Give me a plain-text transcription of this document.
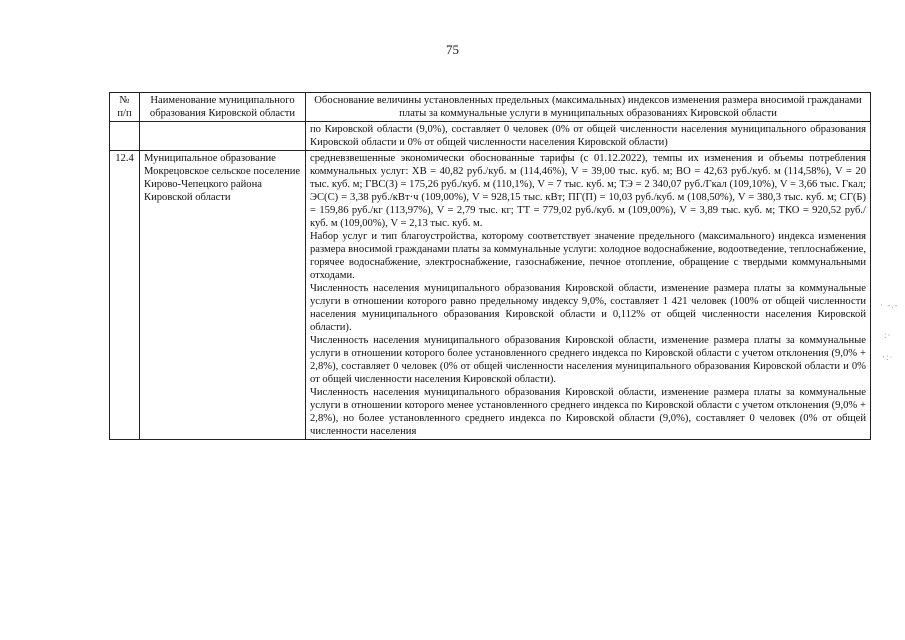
75
№ п/п	Наименование муниципального образования Кировской области	Обоснование величины установленных предельных (максимальных) индексов изменения размера вносимой гражданами платы за коммунальные услуги в муниципальных образованиях Кировской области

		по Кировской области (9,0%), составляет 0 человек (0% от общей численности населения муниципального образования Кировской области и 0% от общей численности населения Кировской области)

12.4	Муниципальное образование Мокрецовское сельское поселение Кирово-Чепецкого района Кировской области	средневзвешенные экономически обоснованные тарифы (с 01.12.2022), темпы их изменения и объемы потребления коммунальных услуг: ХВ = 40,82 руб./куб. м (114,46%), V = 39,00 тыс. куб. м; ВО = 42,63 руб./куб. м (114,58%), V = 20 тыс. куб. м; ГВС(З) = 175,26 руб./куб. м (110,1%), V = 7 тыс. куб. м; ТЭ = 2 340,07 руб./Гкал (109,10%), V = 3,66 тыс. Гкал; ЭС(С) = 3,38 руб./кВт·ч (109,00%), V = 928,15 тыс. кВт; ПГ(П) = 10,03 руб./куб. м (108,50%), V = 380,3 тыс. куб. м; СГ(Б) = 159,86 руб./кг (113,97%), V = 2,79 тыс. кг; ТТ = 779,02 руб./куб. м (109,00%), V = 3,89 тыс. куб. м; ТКО = 920,52 руб./куб. м (109,00%), V = 2,13 тыс. куб. м.

Набор услуг и тип благоустройства, которому соответствует значение предельного (максимального) индекса изменения размера вносимой гражданами платы за коммунальные услуги: холодное водоснабжение, водоотведение, теплоснабжение, горячее водоснабжение, электроснабжение, газоснабжение, печное отопление, обращение с твердыми коммунальными отходами.

Численность населения муниципального образования Кировской области, изменение размера платы за коммунальные услуги в отношении которого равно предельному индексу 9,0%, составляет 1 421 человек (100% от общей численности населения муниципального образования Кировской области и 0,112% от общей численности населения Кировской области).

Численность населения муниципального образования Кировской области, изменение размера платы за коммунальные услуги в отношении которого более установленного среднего индекса по Кировской области с учетом отклонения (9,0% + 2,8%), составляет 0 человек (0% от общей численности населения муниципального образования Кировской области и 0% от общей численности населения Кировской области).

Численность населения муниципального образования Кировской области, изменение размера платы за коммунальные услуги в отношении которого менее установленного среднего индекса по Кировской области с учетом отклонения (9,0% + 2,8%), но более установленного среднего индекса по Кировской области (9,0%), составляет 0 человек (0% от общей численности населения

· -.-
:·
·:·
